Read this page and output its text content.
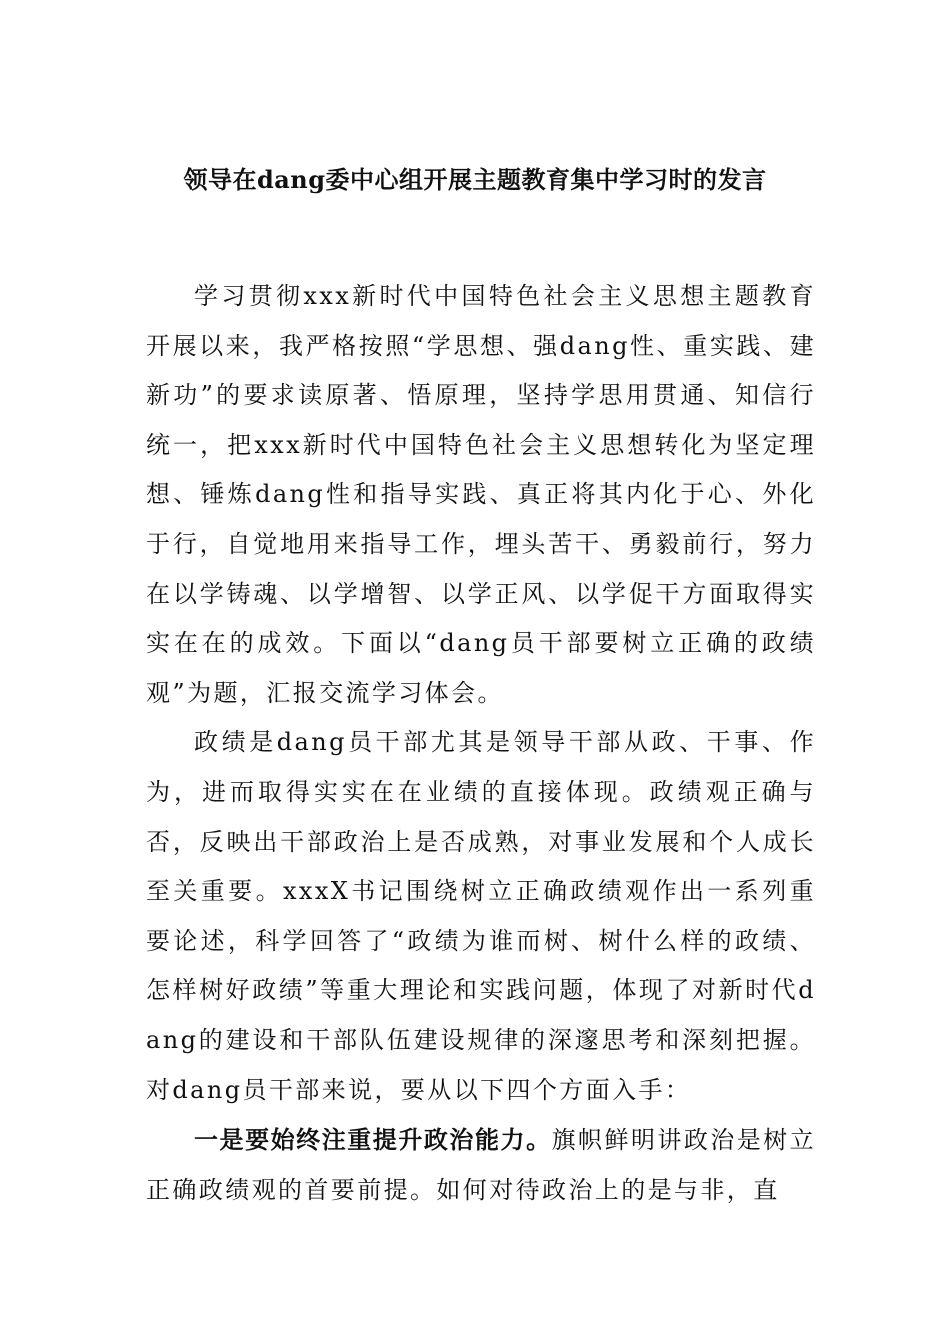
领导在dang委中心组开展主题教育集中学习时的发言

学习贯彻xxx新时代中国特色社会主义思想主题教育开展以来，我严格按照“学思想、强dang性、重实践、建新功”的要求读原著、悟原理，坚持学思用贯通、知信行统一，把xxx新时代中国特色社会主义思想转化为坚定理想、锤炼dang性和指导实践、真正将其内化于心、外化于行，自觉地用来指导工作，埋头苦干、勇毅前行，努力在以学铸魂、以学增智、以学正风、以学促干方面取得实实在在的成效。下面以“dang员干部要树立正确的政绩观”为题，汇报交流学习体会。

政绩是dang员干部尤其是领导干部从政、干事、作为，进而取得实实在在业绩的直接体现。政绩观正确与否，反映出干部政治上是否成熟，对事业发展和个人成长至关重要。xxxX书记围绕树立正确政绩观作出一系列重要论述，科学回答了“政绩为谁而树、树什么样的政绩、怎样树好政绩”等重大理论和实践问题，体现了对新时代dang的建设和干部队伍建设规律的深邃思考和深刻把握。对dang员干部来说，要从以下四个方面入手：

一是要始终注重提升政治能力。旗帜鲜明讲政治是树立正确政绩观的首要前提。如何对待政治上的是与非，直
